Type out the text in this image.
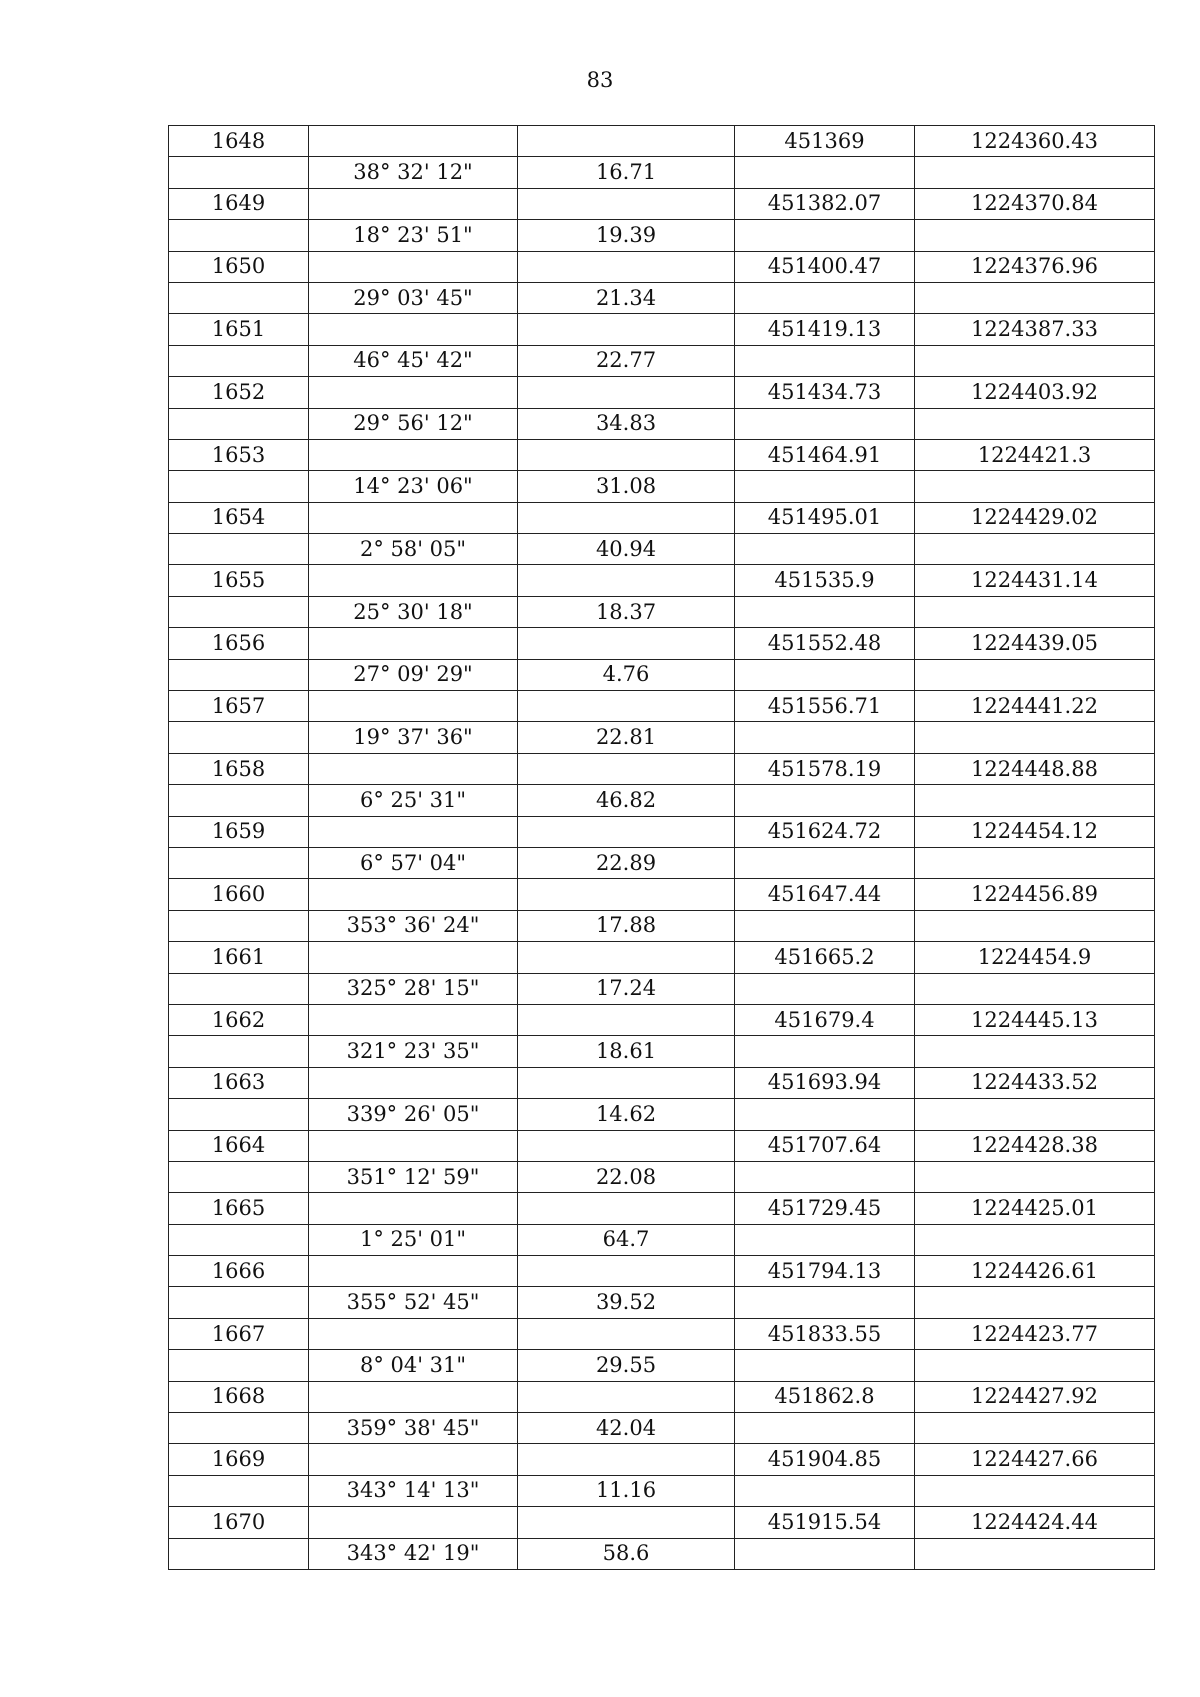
83
1648			451369	1224360.43
	38° 32' 12"	16.71		
1649			451382.07	1224370.84
	18° 23' 51"	19.39		
1650			451400.47	1224376.96
	29° 03' 45"	21.34		
1651			451419.13	1224387.33
	46° 45' 42"	22.77		
1652			451434.73	1224403.92
	29° 56' 12"	34.83		
1653			451464.91	1224421.3
	14° 23' 06"	31.08		
1654			451495.01	1224429.02
	2° 58' 05"	40.94		
1655			451535.9	1224431.14
	25° 30' 18"	18.37		
1656			451552.48	1224439.05
	27° 09' 29"	4.76		
1657			451556.71	1224441.22
	19° 37' 36"	22.81		
1658			451578.19	1224448.88
	6° 25' 31"	46.82		
1659			451624.72	1224454.12
	6° 57' 04"	22.89		
1660			451647.44	1224456.89
	353° 36' 24"	17.88		
1661			451665.2	1224454.9
	325° 28' 15"	17.24		
1662			451679.4	1224445.13
	321° 23' 35"	18.61		
1663			451693.94	1224433.52
	339° 26' 05"	14.62		
1664			451707.64	1224428.38
	351° 12' 59"	22.08		
1665			451729.45	1224425.01
	1° 25' 01"	64.7		
1666			451794.13	1224426.61
	355° 52' 45"	39.52		
1667			451833.55	1224423.77
	8° 04' 31"	29.55		
1668			451862.8	1224427.92
	359° 38' 45"	42.04		
1669			451904.85	1224427.66
	343° 14' 13"	11.16		
1670			451915.54	1224424.44
	343° 42' 19"	58.6		
